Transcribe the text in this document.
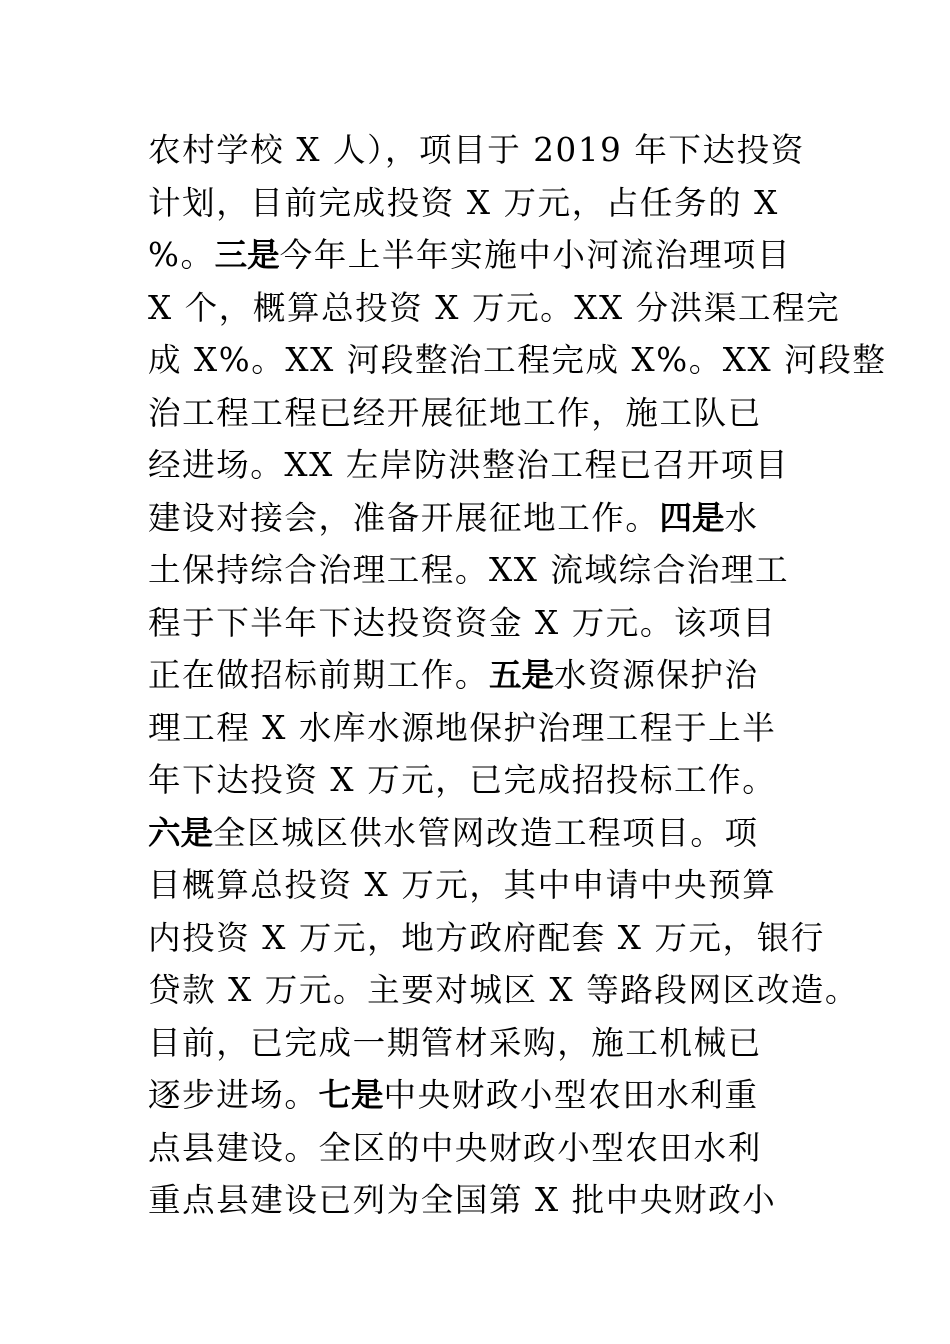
农村学校 X 人），项目于 2019 年下达投资
计划，目前完成投资 X 万元，占任务的 X
%。三是今年上半年实施中小河流治理项目
X 个，概算总投资 X 万元。XX 分洪渠工程完
成 X%。XX 河段整治工程完成 X%。XX 河段整
治工程工程已经开展征地工作，施工队已
经进场。XX 左岸防洪整治工程已召开项目
建设对接会，准备开展征地工作。四是水
土保持综合治理工程。XX 流域综合治理工
程于下半年下达投资资金 X 万元。该项目
正在做招标前期工作。五是水资源保护治
理工程 X 水库水源地保护治理工程于上半
年下达投资 X 万元，已完成招投标工作。
六是全区城区供水管网改造工程项目。项
目概算总投资 X 万元，其中申请中央预算
内投资 X 万元，地方政府配套 X 万元，银行
贷款 X 万元。主要对城区 X 等路段网区改造。
目前，已完成一期管材采购，施工机械已
逐步进场。七是中央财政小型农田水利重
点县建设。全区的中央财政小型农田水利
重点县建设已列为全国第 X 批中央财政小
